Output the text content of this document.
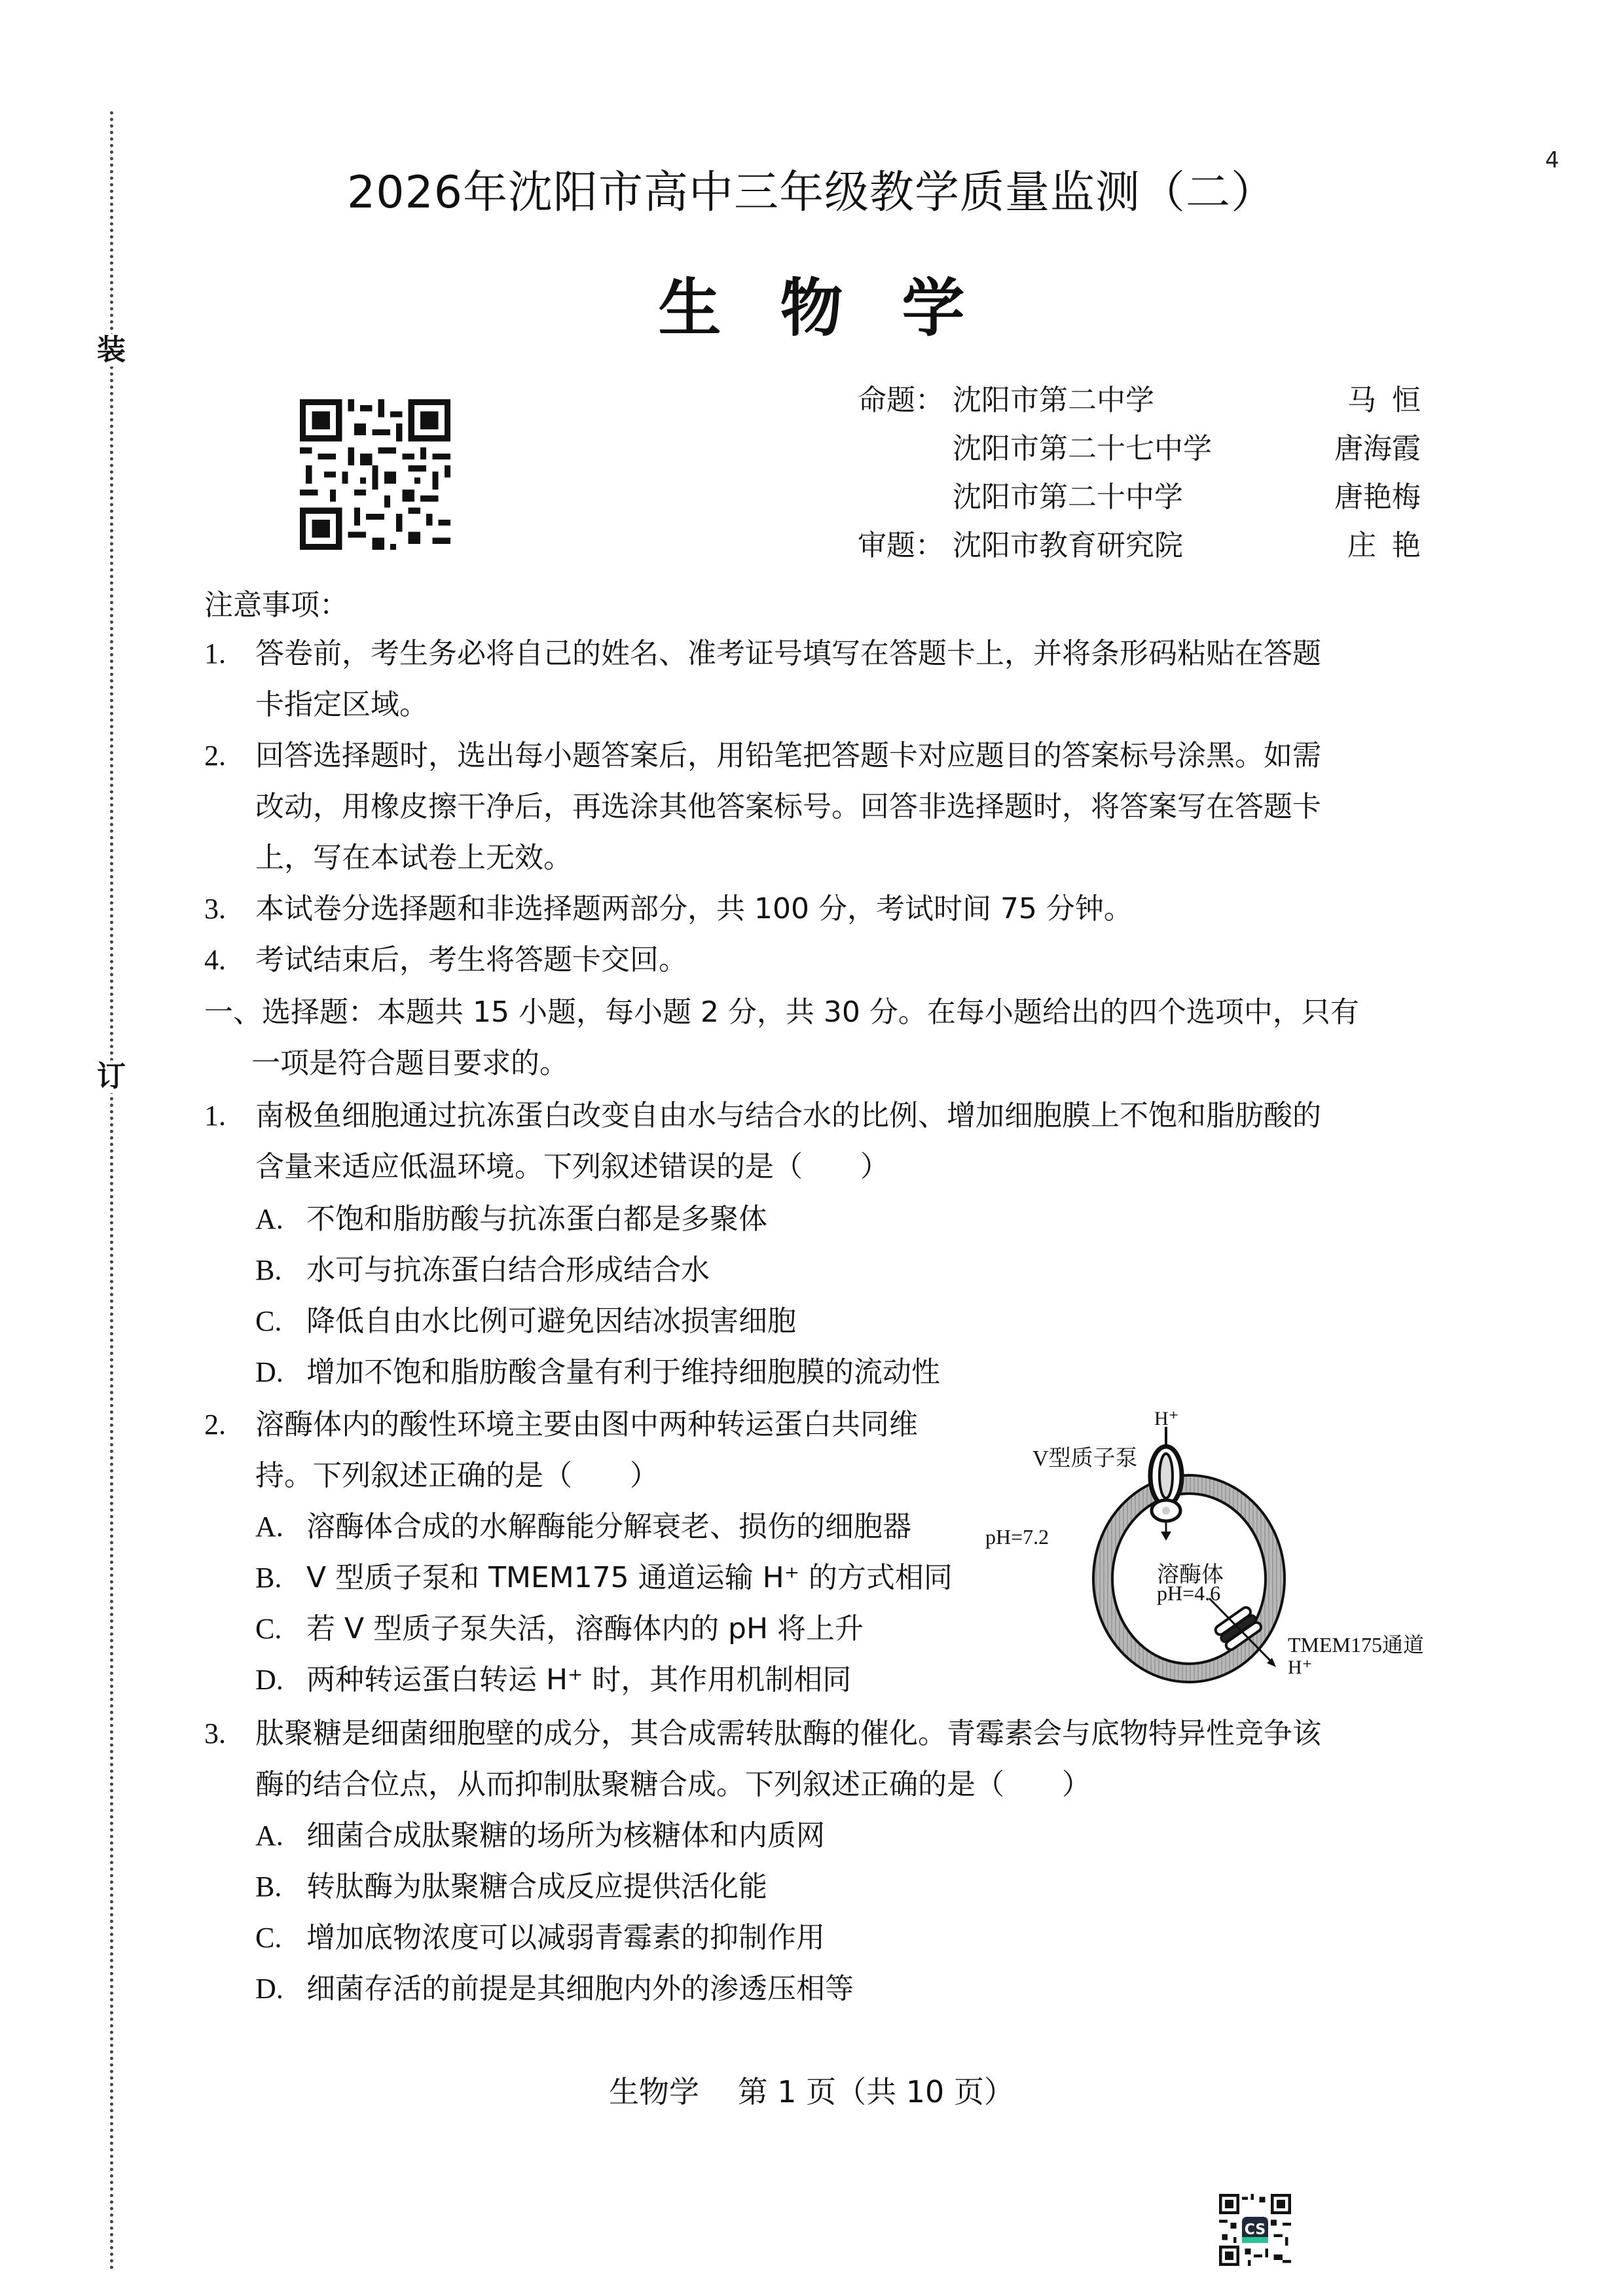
装
订
4
2026年沈阳市高中三年级教学质量监测（二）
生物学
命题： 沈阳市第二中学	马恒
沈阳市第二十七中学	唐海霞
沈阳市第二十中学	唐艳梅
审题： 沈阳市教育研究院	庄艳
注意事项：
1. 答卷前，考生务必将自己的姓名、准考证号填写在答题卡上，并将条形码粘贴在答题
卡指定区域。
2. 回答选择题时，选出每小题答案后，用铅笔把答题卡对应题目的答案标号涂黑。如需
改动，用橡皮擦干净后，再选涂其他答案标号。回答非选择题时，将答案写在答题卡
上，写在本试卷上无效。
3. 本试卷分选择题和非选择题两部分，共 100 分，考试时间 75 分钟。
4. 考试结束后，考生将答题卡交回。
一、选择题：本题共 15 小题，每小题 2 分，共 30 分。在每小题给出的四个选项中，只有
一项是符合题目要求的。
1. 南极鱼细胞通过抗冻蛋白改变自由水与结合水的比例、增加细胞膜上不饱和脂肪酸的
含量来适应低温环境。下列叙述错误的是（　　）
A. 不饱和脂肪酸与抗冻蛋白都是多聚体
B. 水可与抗冻蛋白结合形成结合水
C. 降低自由水比例可避免因结冰损害细胞
D. 增加不饱和脂肪酸含量有利于维持细胞膜的流动性
2. 溶酶体内的酸性环境主要由图中两种转运蛋白共同维
持。下列叙述正确的是（　　）
A. 溶酶体合成的水解酶能分解衰老、损伤的细胞器
B. V 型质子泵和 TMEM175 通道运输 H⁺ 的方式相同
C. 若 V 型质子泵失活，溶酶体内的 pH 将上升
D. 两种转运蛋白转运 H⁺ 时，其作用机制相同
3. 肽聚糖是细菌细胞壁的成分，其合成需转肽酶的催化。青霉素会与底物特异性竞争该
酶的结合位点，从而抑制肽聚糖合成。下列叙述正确的是（　　）
A. 细菌合成肽聚糖的场所为核糖体和内质网
B. 转肽酶为肽聚糖合成反应提供活化能
C. 增加底物浓度可以减弱青霉素的抑制作用
D. 细菌存活的前提是其细胞内外的渗透压相等
H⁺
V型质子泵
pH=7.2
溶酶体
pH=4.6
TMEM175通道
H⁺
生物学 第 1 页（共 10 页）
CS
